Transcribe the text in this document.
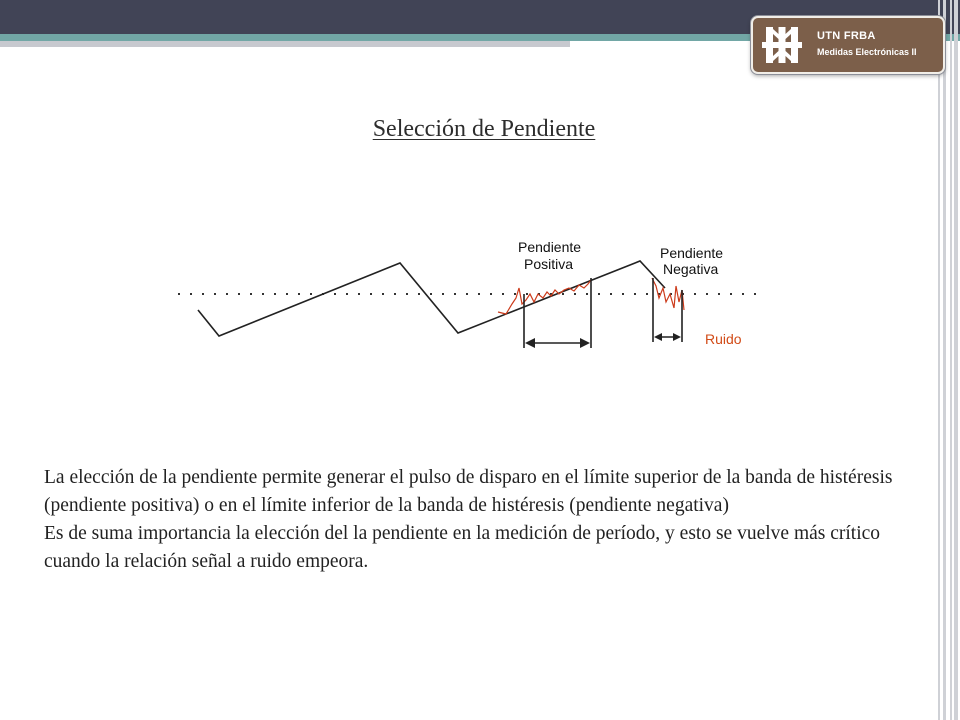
UTN FRBA
Medidas Electrónicas II
Selección de Pendiente
Pendiente
Positiva
Pendiente
Negativa
Ruido

La elección de la pendiente permite generar el pulso de disparo en el límite superior de la banda de histéresis (pendiente positiva) o en el límite inferior de la banda de histéresis (pendiente negativa)

Es de suma importancia la elección del la pendiente en la medición de período, y esto se vuelve más crítico cuando la relación señal a ruido empeora.
